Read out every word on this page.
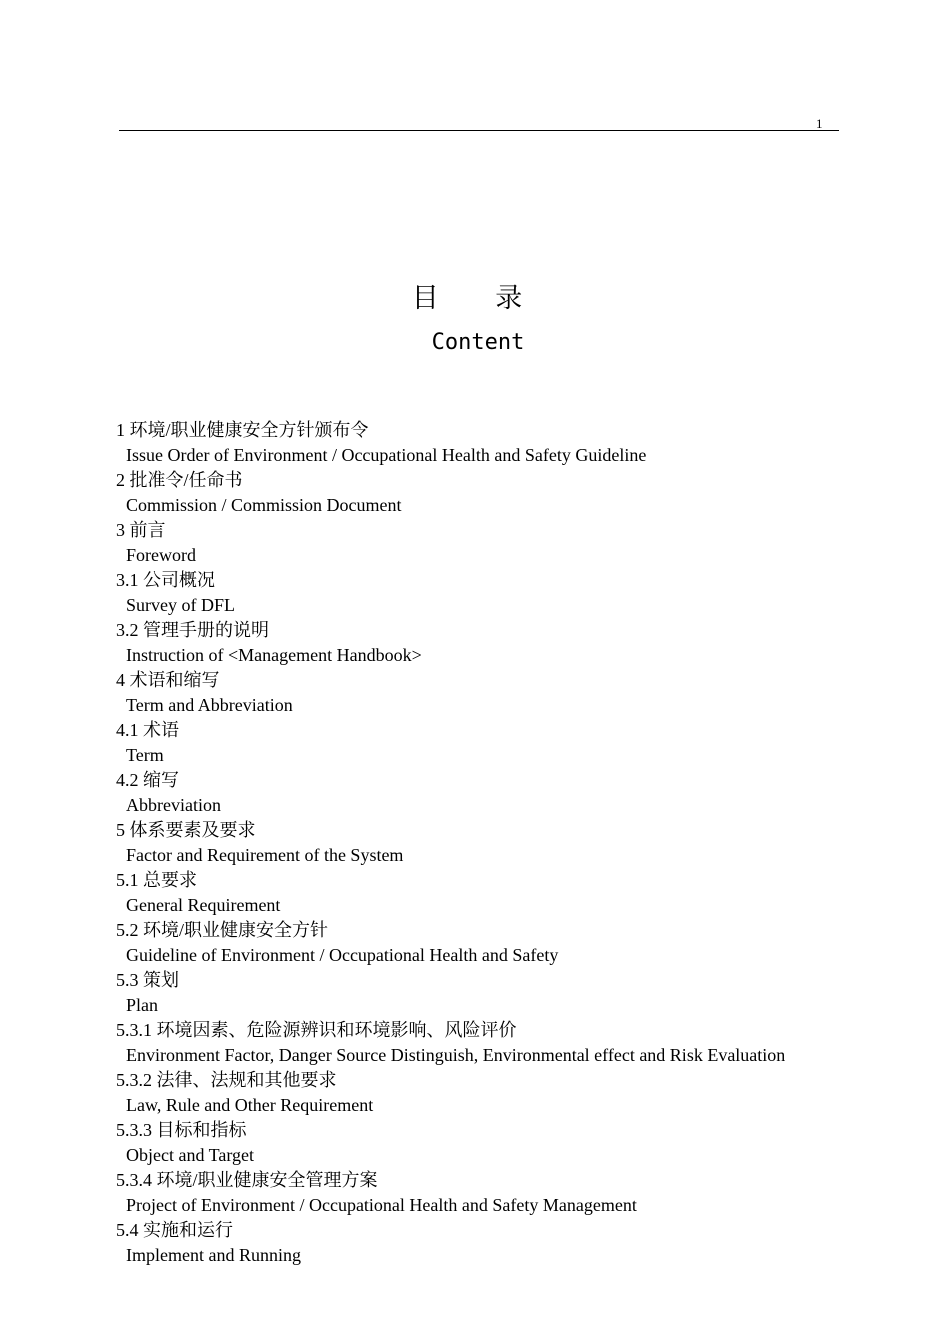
1
目 录
Content
1 环境/职业健康安全方针颁布令
Issue Order of Environment / Occupational Health and Safety Guideline
2 批准令/任命书
Commission / Commission Document
3 前言
Foreword
3.1 公司概况
Survey of DFL
3.2 管理手册的说明
Instruction of <Management Handbook>
4 术语和缩写
Term and Abbreviation
4.1 术语
Term
4.2 缩写
Abbreviation
5 体系要素及要求
Factor and Requirement of the System
5.1 总要求
General Requirement
5.2 环境/职业健康安全方针
Guideline of Environment / Occupational Health and Safety
5.3 策划
Plan
5.3.1 环境因素、危险源辨识和环境影响、风险评价
Environment Factor, Danger Source Distinguish, Environmental effect and Risk Evaluation
5.3.2 法律、法规和其他要求
Law, Rule and Other Requirement
5.3.3 目标和指标
Object and Target
5.3.4 环境/职业健康安全管理方案
Project of Environment / Occupational Health and Safety Management
5.4 实施和运行
Implement and Running
